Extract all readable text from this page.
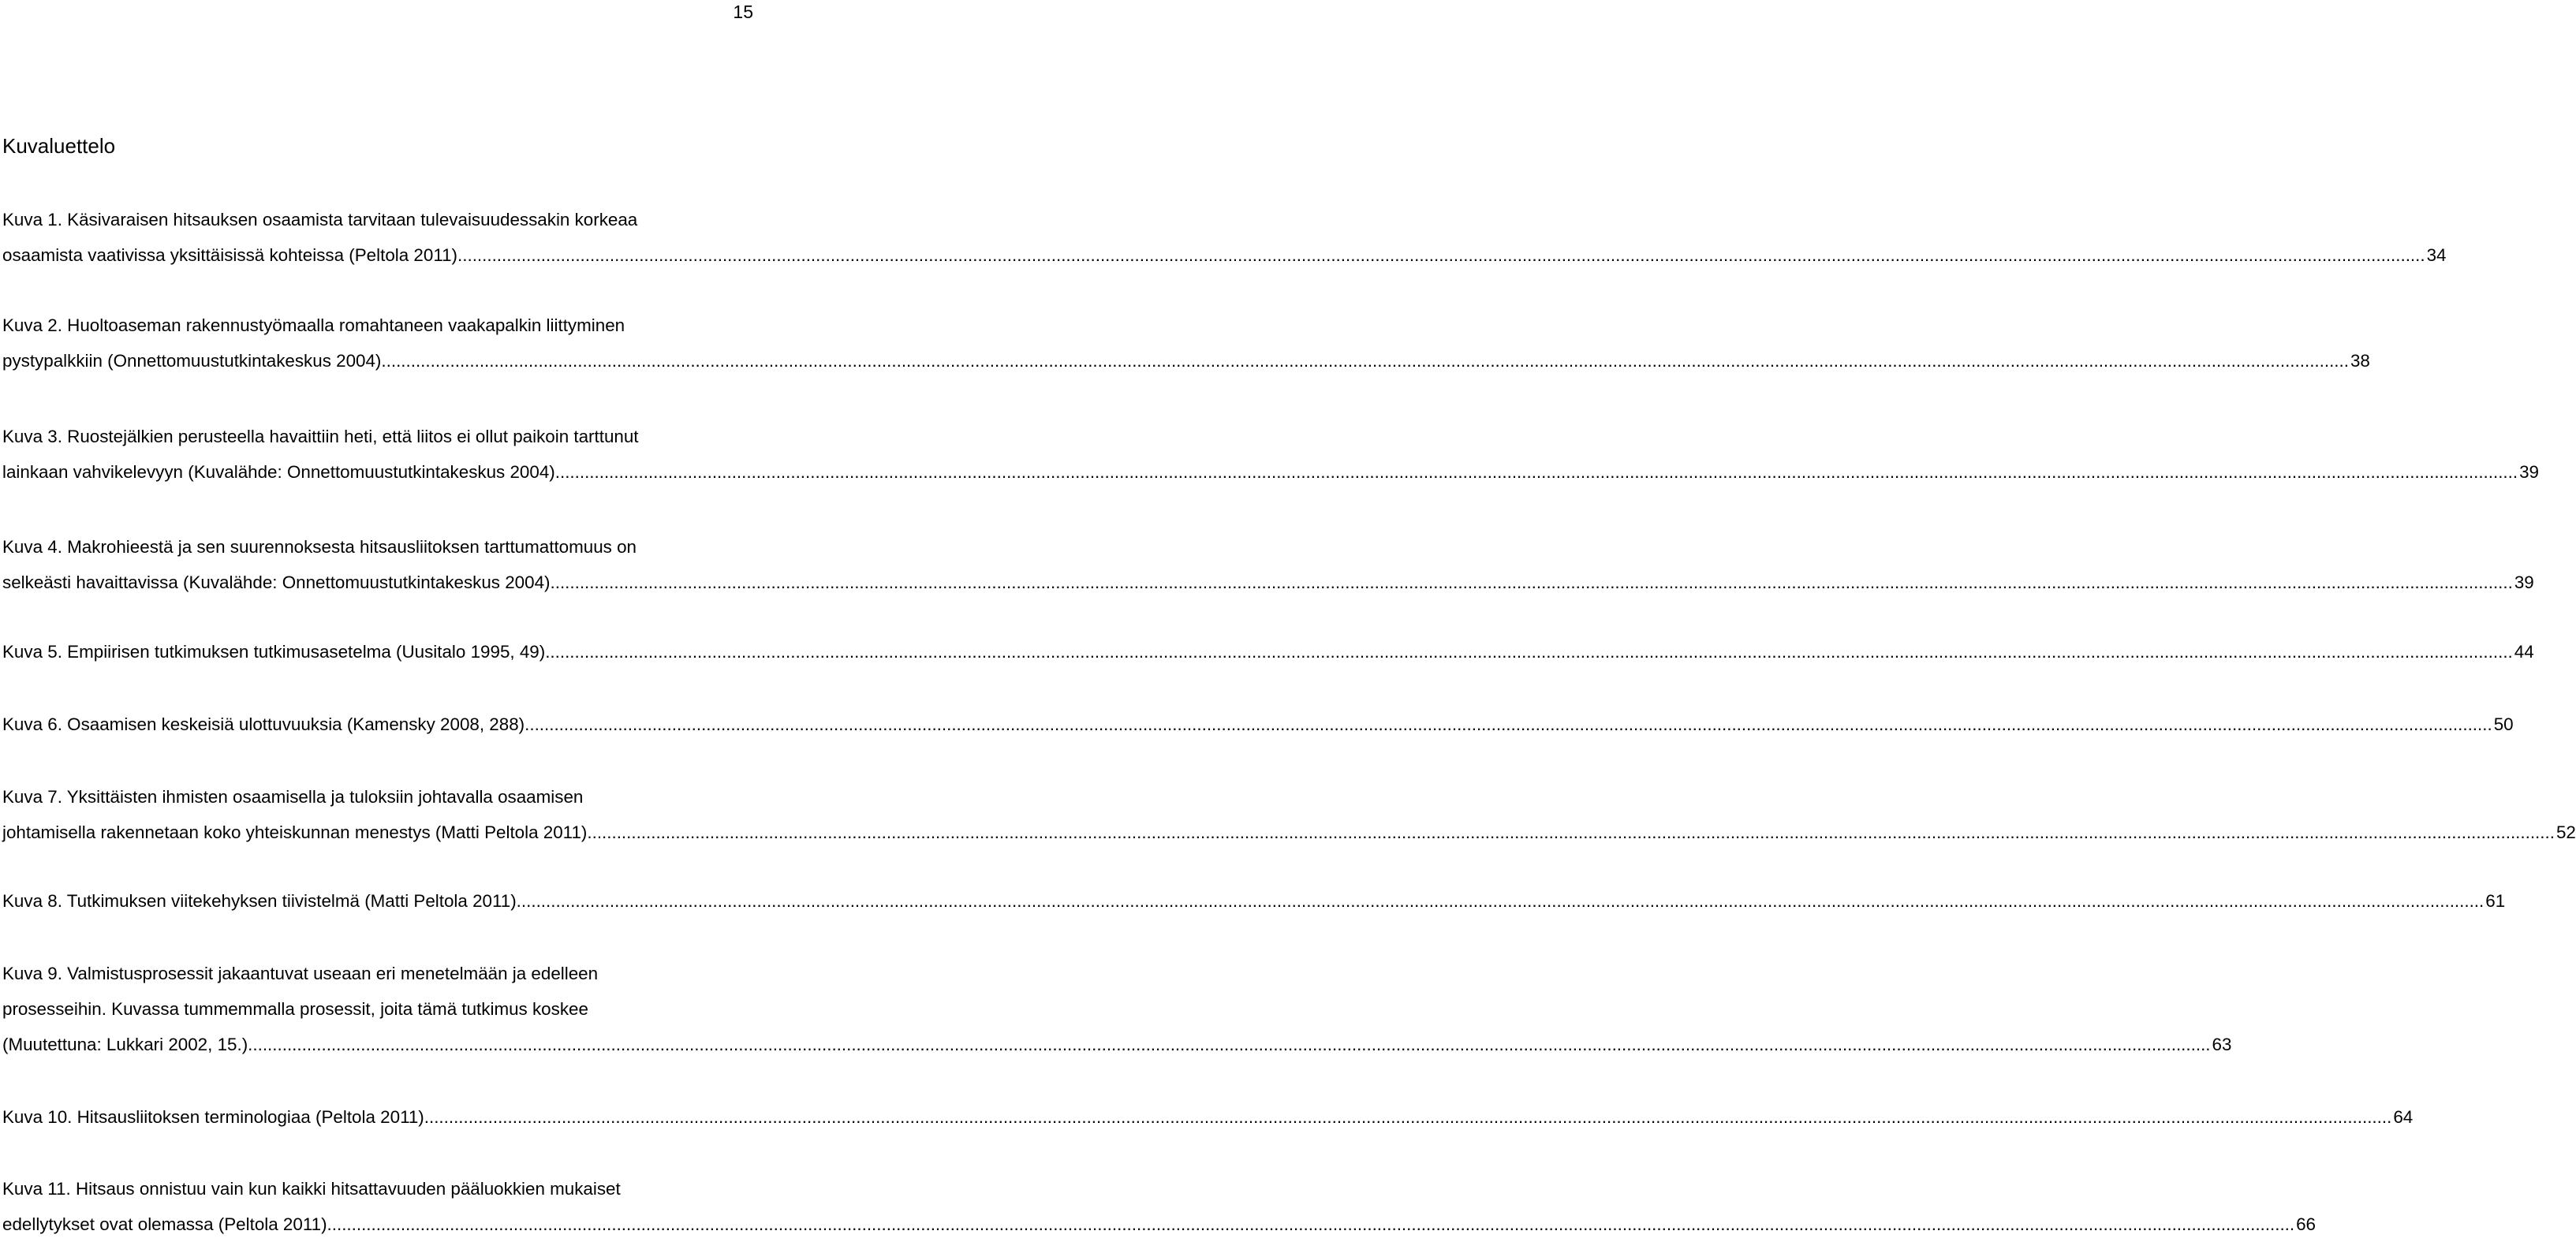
15
Kuvaluettelo
Kuva 1. Käsivaraisen hitsauksen osaamista tarvitaan tulevaisuudessakin korkeaa
osaamista vaativissa yksittäisissä kohteissa (Peltola 2011). ................................................................................................................................................................................................................................................................................................................................................................................................................ 34
Kuva 2. Huoltoaseman rakennustyömaalla romahtaneen vaakapalkin liittyminen
pystypalkkiin (Onnettomuustutkintakeskus 2004). ................................................................................................................................................................................................................................................................................................................................................................................................................ 38
Kuva 3. Ruostejälkien perusteella havaittiin heti, että liitos ei ollut paikoin tarttunut
lainkaan vahvikelevyyn (Kuvalähde: Onnettomuustutkintakeskus 2004) ................................................................................................................................................................................................................................................................................................................................................................................................................ 39
Kuva 4. Makrohieestä ja sen suurennoksesta hitsausliitoksen tarttumattomuus on
selkeästi havaittavissa (Kuvalähde: Onnettomuustutkintakeskus 2004) ................................................................................................................................................................................................................................................................................................................................................................................................................ 39
Kuva 5. Empiirisen tutkimuksen tutkimusasetelma (Uusitalo 1995, 49). ................................................................................................................................................................................................................................................................................................................................................................................................................ 44
Kuva 6. Osaamisen keskeisiä ulottuvuuksia (Kamensky 2008, 288). ................................................................................................................................................................................................................................................................................................................................................................................................................ 50
Kuva 7. Yksittäisten ihmisten osaamisella ja tuloksiin johtavalla osaamisen
johtamisella rakennetaan koko yhteiskunnan menestys (Matti Peltola 2011). ................................................................................................................................................................................................................................................................................................................................................................................................................ 52
Kuva 8. Tutkimuksen viitekehyksen tiivistelmä (Matti Peltola 2011). ................................................................................................................................................................................................................................................................................................................................................................................................................ 61
Kuva 9. Valmistusprosessit jakaantuvat useaan eri menetelmään ja edelleen
prosesseihin. Kuvassa tummemmalla prosessit, joita tämä tutkimus koskee
(Muutettuna: Lukkari 2002, 15.) ................................................................................................................................................................................................................................................................................................................................................................................................................ 63
Kuva 10. Hitsausliitoksen terminologiaa (Peltola 2011). ................................................................................................................................................................................................................................................................................................................................................................................................................ 64
Kuva 11. Hitsaus onnistuu vain kun kaikki hitsattavuuden pääluokkien mukaiset
edellytykset ovat olemassa (Peltola 2011). ................................................................................................................................................................................................................................................................................................................................................................................................................ 66
